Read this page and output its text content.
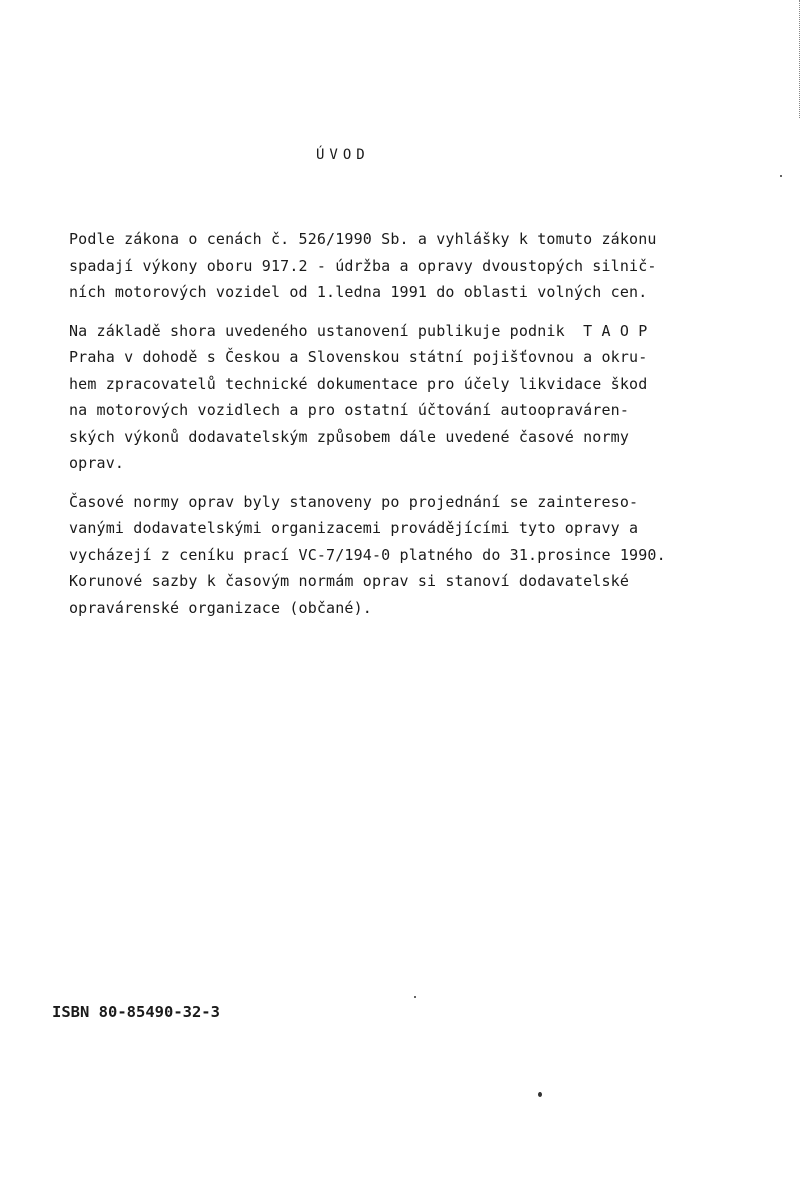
ÚVOD

Podle zákona o cenách č. 526/1990 Sb. a vyhlášky k tomuto zákonu
spadají výkony oboru 917.2 - údržba a opravy dvoustopých silnič-
ních motorových vozidel od 1.ledna 1991 do oblasti volných cen.

Na základě shora uvedeného ustanovení publikuje podnik  T A O P
Praha v dohodě s Českou a Slovenskou státní pojišťovnou a okru-
hem zpracovatelů technické dokumentace pro účely likvidace škod
na motorových vozidlech a pro ostatní účtování autoopraváren-
ských výkonů dodavatelským způsobem dále uvedené časové normy
oprav.

Časové normy oprav byly stanoveny po projednání se zaintereso-
vanými dodavatelskými organizacemi provádějícími tyto opravy a
vycházejí z ceníku prací VC-7/194-0 platného do 31.prosince 1990.
Korunové sazby k časovým normám oprav si stanoví dodavatelské
opravárenské organizace (občané).

ISBN 80-85490-32-3
